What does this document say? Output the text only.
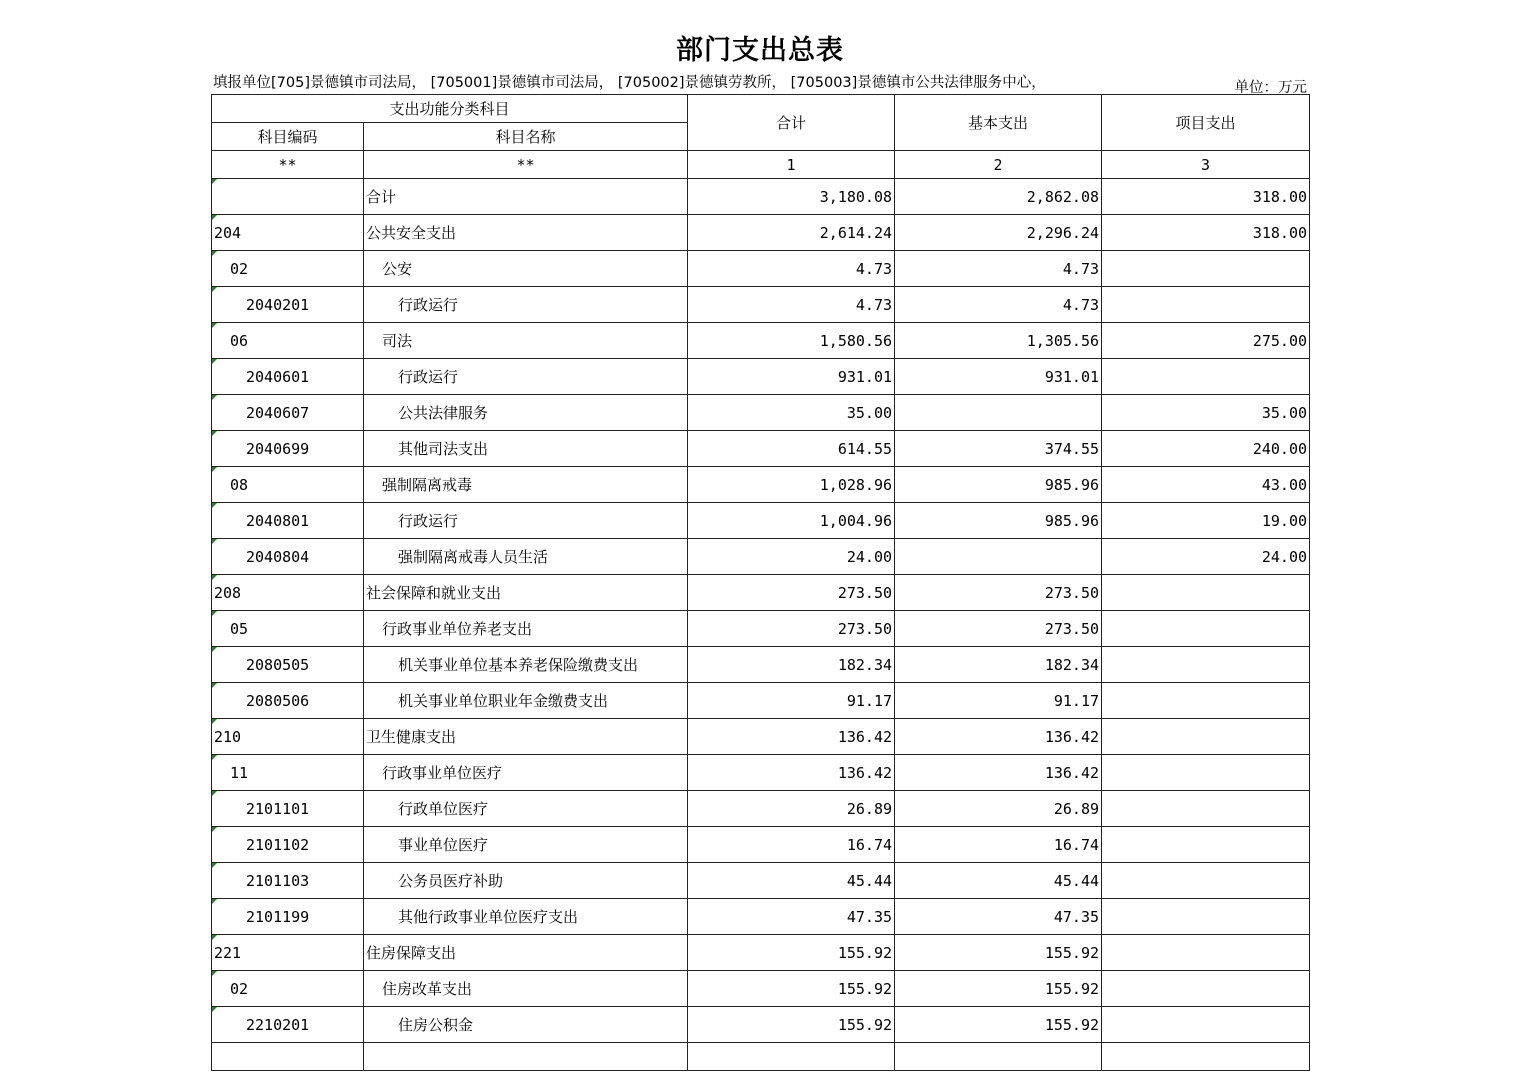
部门支出总表
填报单位[705]景德镇市司法局， [705001]景德镇市司法局， [705002]景德镇劳教所， [705003]景德镇市公共法律服务中心，	单位：万元
支出功能分类科目		合计	基本支出	项目支出
科目编码	科目名称			
**	**	1	2	3

	合计	3,180.08	2,862.08	318.00

204	公共安全支出	2,614.24	2,296.24	318.00

02	公安	4.73	4.73	

2040201	行政运行	4.73	4.73	

06	司法	1,580.56	1,305.56	275.00

2040601	行政运行	931.01	931.01	

2040607	公共法律服务	35.00		35.00

2040699	其他司法支出	614.55	374.55	240.00

08	强制隔离戒毒	1,028.96	985.96	43.00

2040801	行政运行	1,004.96	985.96	19.00

2040804	强制隔离戒毒人员生活	24.00		24.00

208	社会保障和就业支出	273.50	273.50	

05	行政事业单位养老支出	273.50	273.50	

2080505	机关事业单位基本养老保险缴费支出	182.34	182.34	

2080506	机关事业单位职业年金缴费支出	91.17	91.17	

210	卫生健康支出	136.42	136.42	

11	行政事业单位医疗	136.42	136.42	

2101101	行政单位医疗	26.89	26.89	

2101102	事业单位医疗	16.74	16.74	

2101103	公务员医疗补助	45.44	45.44	

2101199	其他行政事业单位医疗支出	47.35	47.35	

221	住房保障支出	155.92	155.92	

02	住房改革支出	155.92	155.92	

2210201	住房公积金	155.92	155.92	
